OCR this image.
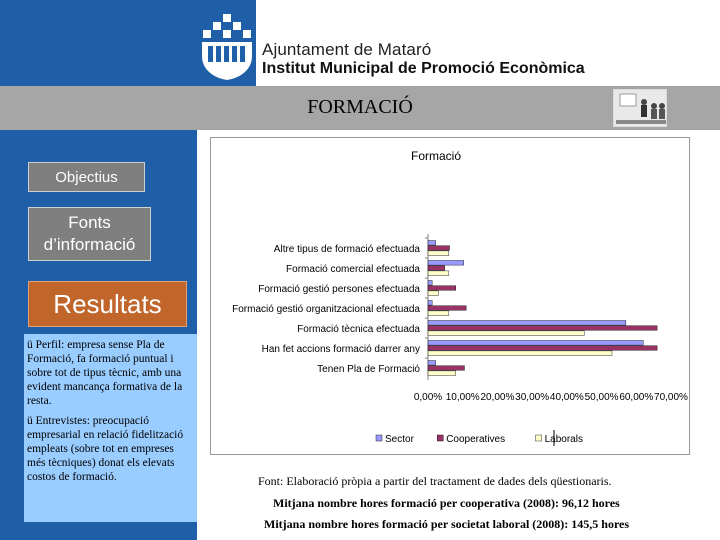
Ajuntament de Mataró
Institut Municipal de Promoció Econòmica
FORMACIÓ
Objectius
Fonts d’informació
Resultats

ü Perfil: empresa sense Pla de Formació, fa formació puntual i sobre tot de tipus tècnic, amb una evident mancança formativa de la resta.

ü Entrevistes: preocupació empresarial en relació fidelització empleats (sobre tot en empreses més tècniques) donat els elevats costos de formació.

Formació
Altre tipus de formació efectuada
Formació comercial efectuada
Formació gestió persones efectuada
Formació gestió organitzacional efectuada
Formació tècnica efectuada
Han fet accions formació darrer any
Tenen Pla de Formació
0,00% 10,00% 20,00% 30,00% 40,00% 50,00% 60,00% 70,00%
Sector	Cooperatives	Laborals
Font: Elaboració pròpia a partir del tractament de dades dels qüestionaris.
Mitjana nombre hores formació per cooperativa (2008): 96,12 hores
Mitjana nombre hores formació per societat laboral (2008): 145,5 hores
